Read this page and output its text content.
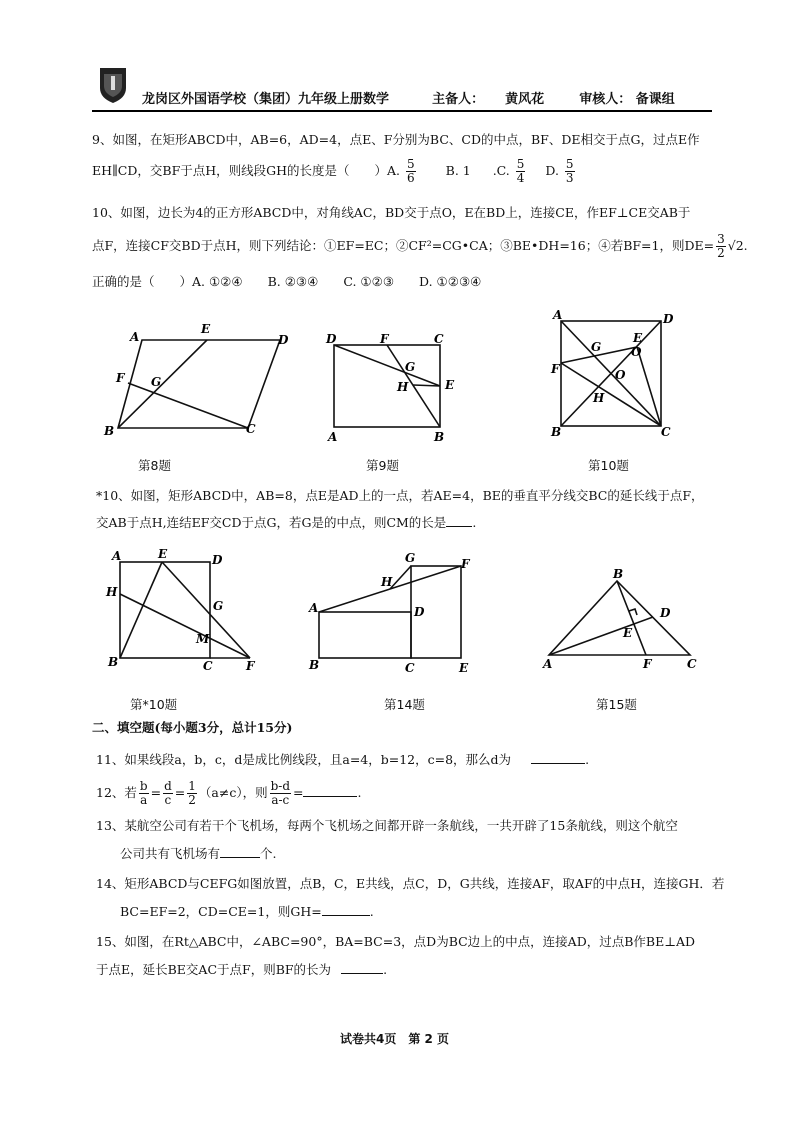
龙岗区外国语学校（集团）九年级上册数学	主备人： 黄风花	审核人： 备课组
9、如图，在矩形ABCD中，AB=6，AD=4，点E、F分别为BC、CD的中点，BF、DE相交于点G，过点E作
EH∥CD，交BF于点H，则线段GH的长度是（　　）A. $\frac{5}{6} B$. 1 .C. $\frac{5}{4} D$. $\frac{5}{3}$
10、如图，边长为4的正方形ABCD中，对角线AC，BD交于点O，E在BD上，连接CE，作EF⊥CE交AB于
点F，连接CF交BD于点H，则下列结论：①EF=EC；②CF²=CG•CA；③BE•DH=16；④若BF=1，则$DE= \frac{3}{2} √2$.
正确的是（　　）A. ①②④　　B. ②③④　　C. ①②③　　D. ①②③④
A
E
D
F G
B	C
第8题
D	F	C
G
H	E
A	B
第9题
A	D
G
E
O
F	O
H
B	C
第10题
*10、如图，矩形ABCD中，AB=8，点E是AD上的一点，若AE=4，BE的垂直平分线交BC的延长线于点F，
交AB于点H,连结EF交CD于点G，若G是的中点，则CM的长是 .
A	E	D
H
G
M
B	C	F
第*10题
G	F
H
A	D
B	C	E
第14题
B
D
E
A	F	C
第15题
二、填空题(每小题3分，总计15分)
11、如果线段a，b，c，d是成比例线段，且a=4，b=12，c=8，那么d为	.
12、若 $\frac{b}{a} = \frac{d}{c} = \frac{1}{2} (a\ne c)$，则 $\frac{b-d}{a-c}$ =	.
13、某航空公司有若干个飞机场，每两个飞机场之间都开辟一条航线，一共开辟了15条航线，则这个航空
公司共有飞机场有	个.
14、矩形ABCD与CEFG如图放置，点B，C，E共线，点C，D，G共线，连接AF，取AF的中点H，连接GH．若
BC=EF=2，CD=CE=1，则GH=	.
15、如图，在Rt△ABC中，∠ABC=90°，BA=BC=3，点D为BC边上的中点，连接AD，过点B作BE⊥AD
于点E，延长BE交AC于点F，则BF的长为	.
试卷共4页　第 2 页
